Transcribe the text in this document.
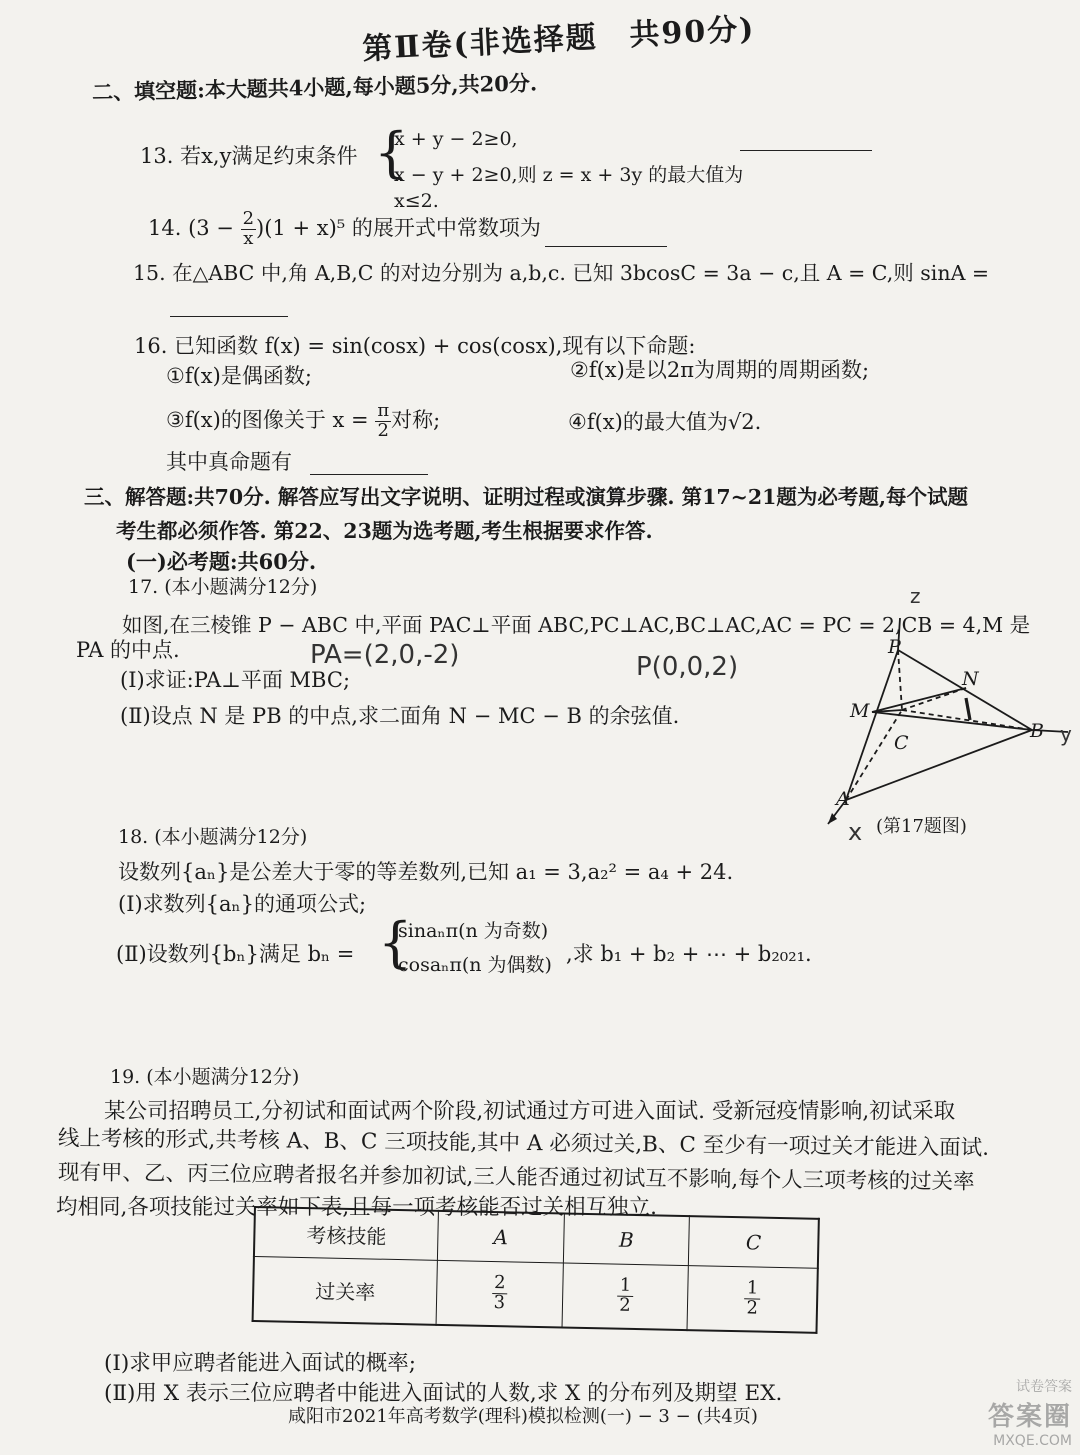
第Ⅱ卷(非选择题　共90分)
二、填空题:本大题共4小题,每小题5分,共20分.
13. 若x,y满足约束条件 {
x + y − 2≥0,
x − y + 2≥0,则 z = x + 3y 的最大值为
x≤2.
14. $(3 - \frac{2}{x} )(1 + x)^5$ 的展开式中常数项为
15. 在△ABC 中,角 A,B,C 的对边分别为 a,b,c. 已知 3bcosC = 3a − c,且 A = C,则 sinA =
16. 已知函数 f(x) = sin(cosx) + cos(cosx),现有以下命题:
①f(x)是偶函数;	②f(x)是以2π为周期的周期函数;
③f(x)的图像关于 $x = \frac{\pi}{2}$ 对称;	④f(x)的最大值为√2.
其中真命题有
三、解答题:共70分. 解答应写出文字说明、证明过程或演算步骤. 第17~21题为必考题,每个试题
考生都必须作答. 第22、23题为选考题,考生根据要求作答.
(一)必考题:共60分.
17. (本小题满分12分)
如图,在三棱锥 P − ABC 中,平面 PAC⊥平面 ABC,PC⊥AC,BC⊥AC,AC = PC = 2,CB = 4,M 是
PA 的中点.
(Ⅰ)求证:PA⊥平面 MBC;
(Ⅱ)设点 N 是 PB 的中点,求二面角 N − MC − B 的余弦值.
PA=(2,0,-2)	P(0,0,2)
P
M
N
C
B
A
z
x
y
(第17题图)
18. (本小题满分12分)
设数列{aₙ}是公差大于零的等差数列,已知 a₁ = 3,a₂² = a₄ + 24.
(Ⅰ)求数列{aₙ}的通项公式;
(Ⅱ)设数列{bₙ}满足 bₙ = {
sinaₙπ(n 为奇数)
cosaₙπ(n 为偶数) ,求 b₁ + b₂ + ⋯ + b₂₀₂₁.
19. (本小题满分12分)
某公司招聘员工,分初试和面试两个阶段,初试通过方可进入面试. 受新冠疫情影响,初试采取
线上考核的形式,共考核 A、B、C 三项技能,其中 A 必须过关,B、C 至少有一项过关才能进入面试.
现有甲、乙、丙三位应聘者报名并参加初试,三人能否通过初试互不影响,每个人三项考核的过关率
均相同,各项技能过关率如下表,且每一项考核能否过关相互独立.
考核技能	A	B	C
过关率	$\frac{2}{3}$	$\frac{1}{2}$	$\frac{1}{2}$
(Ⅰ)求甲应聘者能进入面试的概率;
(Ⅱ)用 X 表示三位应聘者中能进入面试的人数,求 X 的分布列及期望 EX.
咸阳市2021年高考数学(理科)模拟检测(一) − 3 − (共4页)
试卷答案
答案圈
MXQE.COM
